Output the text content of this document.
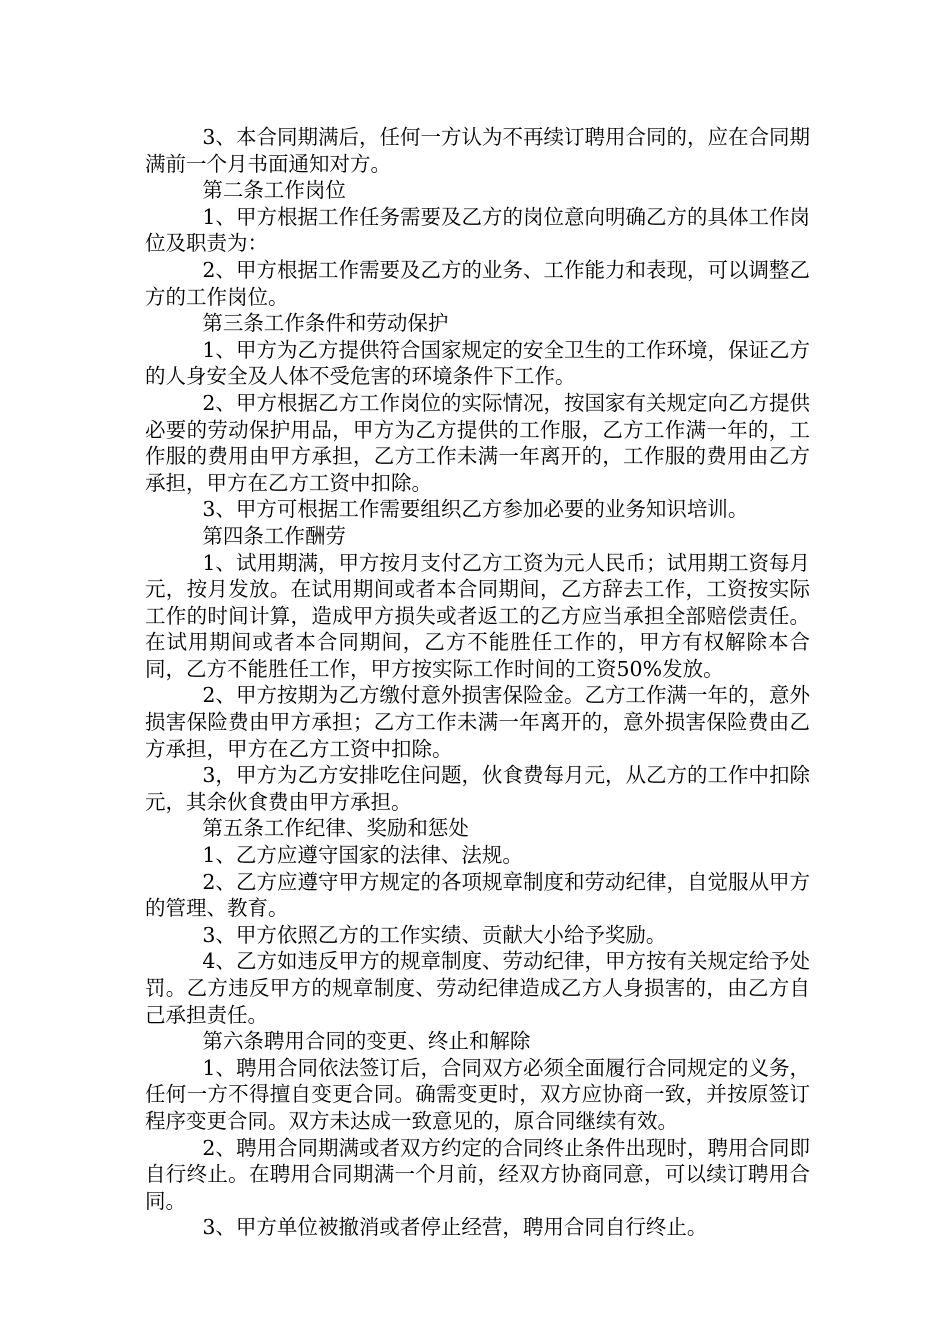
3、本合同期满后，任何一方认为不再续订聘用合同的，应在合同期满前一个月书面通知对方。

第二条工作岗位

1、甲方根据工作任务需要及乙方的岗位意向明确乙方的具体工作岗位及职责为：

2、甲方根据工作需要及乙方的业务、工作能力和表现，可以调整乙方的工作岗位。

第三条工作条件和劳动保护

1、甲方为乙方提供符合国家规定的安全卫生的工作环境，保证乙方的人身安全及人体不受危害的环境条件下工作。

2、甲方根据乙方工作岗位的实际情况，按国家有关规定向乙方提供必要的劳动保护用品，甲方为乙方提供的工作服，乙方工作满一年的，工作服的费用由甲方承担，乙方工作未满一年离开的，工作服的费用由乙方承担，甲方在乙方工资中扣除。

3、甲方可根据工作需要组织乙方参加必要的业务知识培训。

第四条工作酬劳

1、试用期满，甲方按月支付乙方工资为元人民币；试用期工资每月元，按月发放。在试用期间或者本合同期间，乙方辞去工作，工资按实际工作的时间计算，造成甲方损失或者返工的乙方应当承担全部赔偿责任。在试用期间或者本合同期间，乙方不能胜任工作的，甲方有权解除本合同，乙方不能胜任工作，甲方按实际工作时间的工资50%发放。

2、甲方按期为乙方缴付意外损害保险金。乙方工作满一年的，意外损害保险费由甲方承担；乙方工作未满一年离开的，意外损害保险费由乙方承担，甲方在乙方工资中扣除。

3，甲方为乙方安排吃住问题，伙食费每月元，从乙方的工作中扣除元，其余伙食费由甲方承担。

第五条工作纪律、奖励和惩处

1、乙方应遵守国家的法律、法规。

2、乙方应遵守甲方规定的各项规章制度和劳动纪律，自觉服从甲方的管理、教育。

3、甲方依照乙方的工作实绩、贡献大小给予奖励。

4、乙方如违反甲方的规章制度、劳动纪律，甲方按有关规定给予处罚。乙方违反甲方的规章制度、劳动纪律造成乙方人身损害的，由乙方自己承担责任。

第六条聘用合同的变更、终止和解除

1、聘用合同依法签订后，合同双方必须全面履行合同规定的义务，任何一方不得擅自变更合同。确需变更时，双方应协商一致，并按原签订程序变更合同。双方未达成一致意见的，原合同继续有效。

2、聘用合同期满或者双方约定的合同终止条件出现时，聘用合同即自行终止。在聘用合同期满一个月前，经双方协商同意，可以续订聘用合同。

3、甲方单位被撤消或者停止经营，聘用合同自行终止。
